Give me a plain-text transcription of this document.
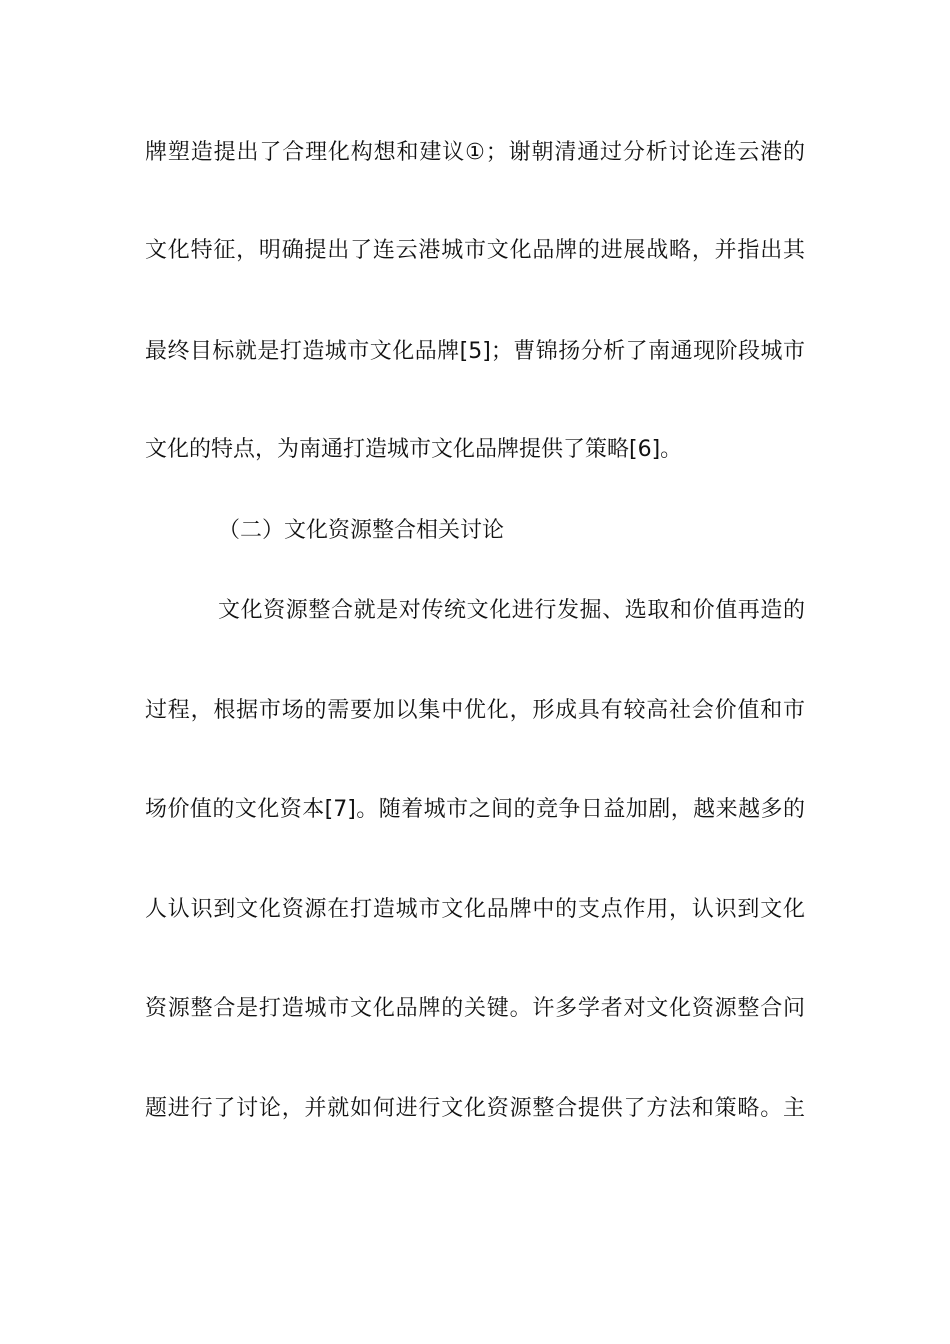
牌塑造提出了合理化构想和建议①；谢朝清通过分析讨论连云港的
文化特征，明确提出了连云港城市文化品牌的进展战略，并指出其
最终目标就是打造城市文化品牌[5]；曹锦扬分析了南通现阶段城市
文化的特点，为南通打造城市文化品牌提供了策略[6]。
（二）文化资源整合相关讨论
文化资源整合就是对传统文化进行发掘、选取和价值再造的
过程，根据市场的需要加以集中优化，形成具有较高社会价值和市
场价值的文化资本[7]。随着城市之间的竞争日益加剧，越来越多的
人认识到文化资源在打造城市文化品牌中的支点作用，认识到文化
资源整合是打造城市文化品牌的关键。许多学者对文化资源整合问
题进行了讨论，并就如何进行文化资源整合提供了方法和策略。主
